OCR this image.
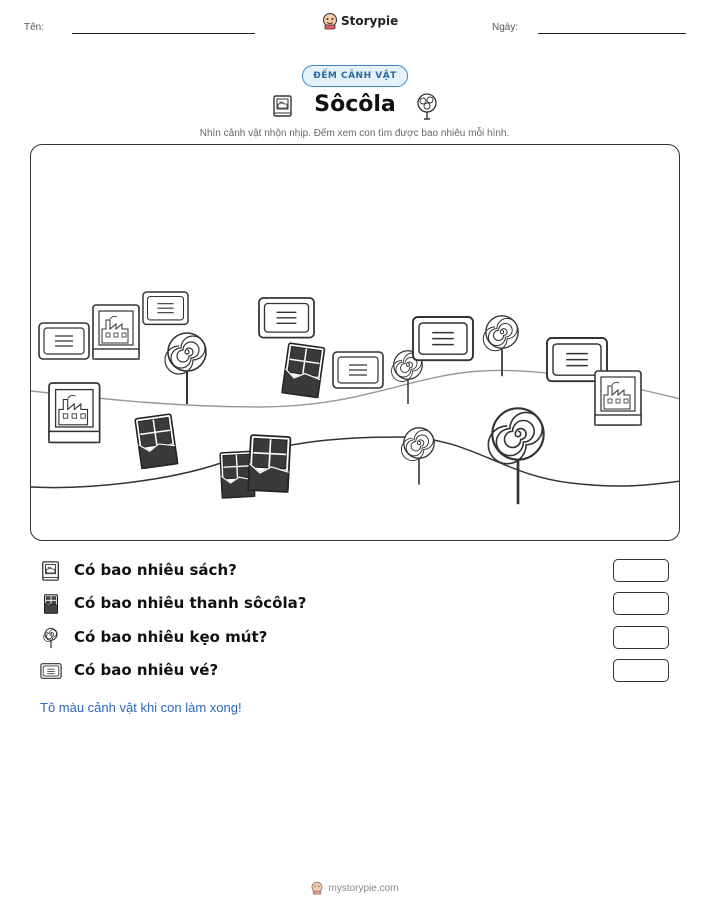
Tên:	Storypie	Ngày:
ĐẾM CẢNH VẬT
Sôcôla
Nhìn cảnh vật nhộn nhịp. Đếm xem con tìm được bao nhiêu mỗi hình.
Có bao nhiêu sách?
Có bao nhiêu thanh sôcôla?
Có bao nhiêu kẹo mút?
Có bao nhiêu vé?
Tô màu cảnh vật khi con làm xong!
mystorypie.com
